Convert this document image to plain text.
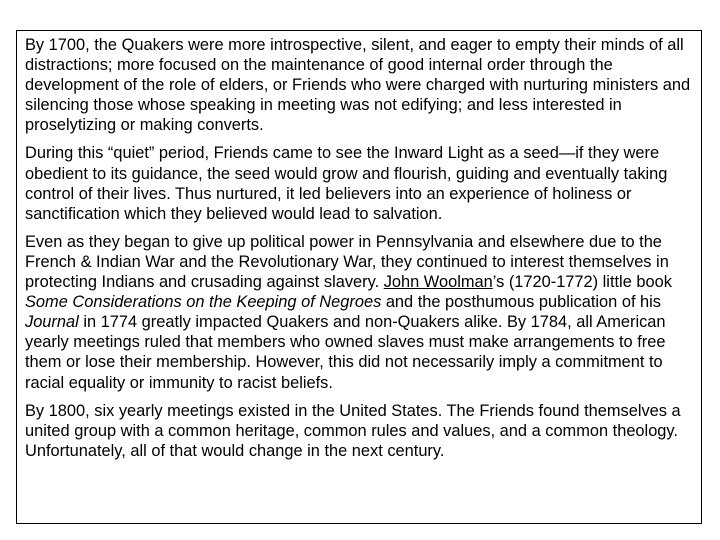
By 1700, the Quakers were more introspective, silent, and eager to empty their minds of all distractions; more focused on the maintenance of good internal order through the development of the role of elders, or Friends who were charged with nurturing ministers and silencing those whose speaking in meeting was not edifying; and less interested in proselytizing or making converts.

During this “quiet” period, Friends came to see the Inward Light as a seed—if they were obedient to its guidance, the seed would grow and flourish, guiding and eventually taking control of their lives. Thus nurtured, it led believers into an experience of holiness or sanctification which they believed would lead to salvation.

Even as they began to give up political power in Pennsylvania and elsewhere due to the French & Indian War and the Revolutionary War, they continued to interest themselves in protecting Indians and crusading against slavery. John Woolman’s (1720-1772) little book Some Considerations on the Keeping of Negroes and the posthumous publication of his Journal in 1774 greatly impacted Quakers and non-Quakers alike. By 1784, all American yearly meetings ruled that members who owned slaves must make arrangements to free them or lose their membership. However, this did not necessarily imply a commitment to racial equality or immunity to racist beliefs.

By 1800, six yearly meetings existed in the United States. The Friends found themselves a united group with a common heritage, common rules and values, and a common theology. Unfortunately, all of that would change in the next century.
